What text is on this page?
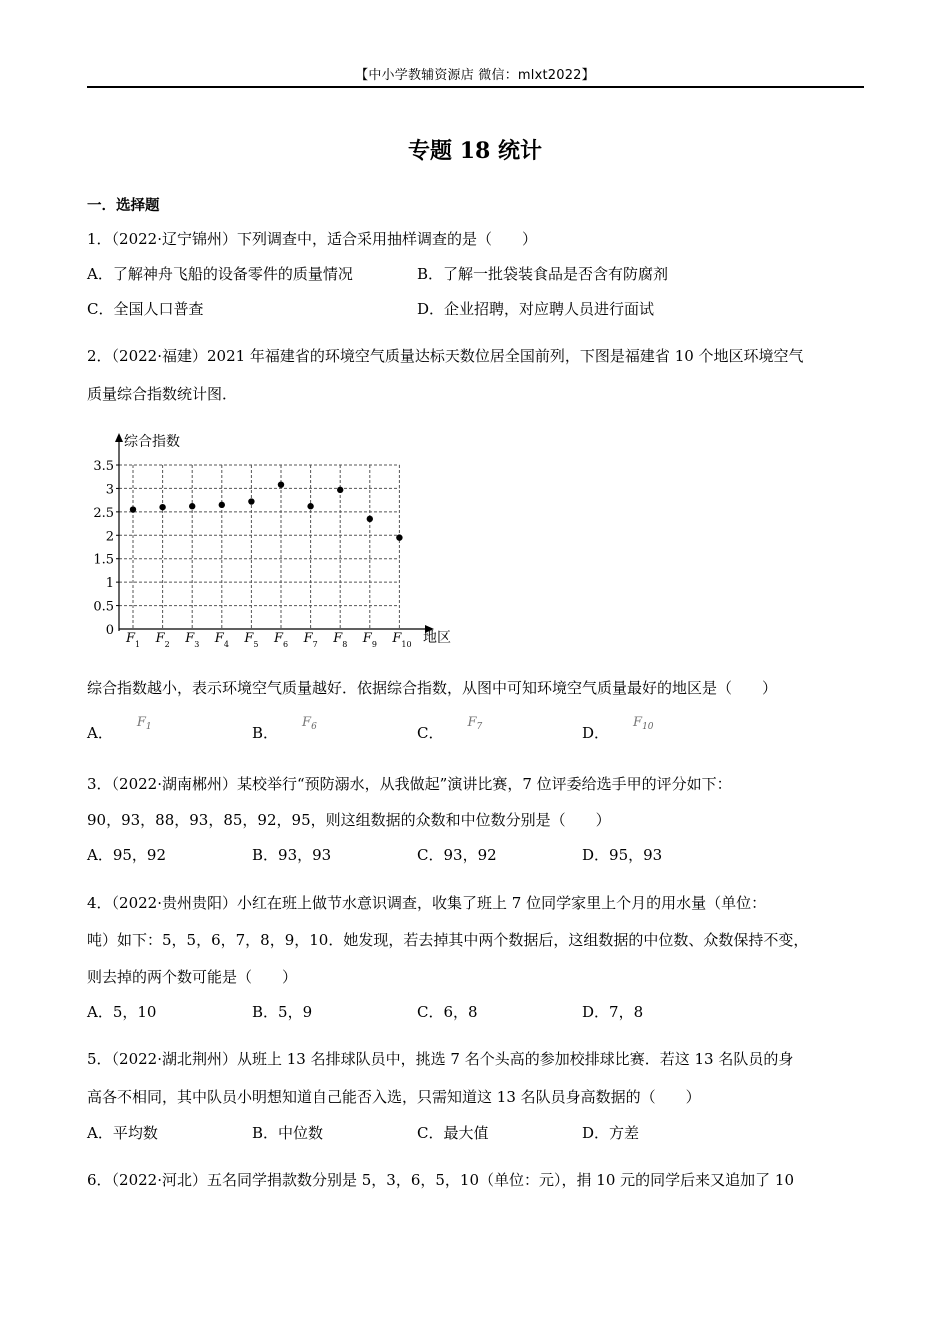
【中小学教辅资源店 微信：mlxt2022】
专题 18 统计
一．选择题
1．（2022·辽宁锦州）下列调查中，适合采用抽样调查的是（　　）
A．了解神舟飞船的设备零件的质量情况	B．了解一批袋装食品是否含有防腐剂
C．全国人口普查	D．企业招聘，对应聘人员进行面试
2．（2022·福建）2021 年福建省的环境空气质量达标天数位居全国前列，下图是福建省 10 个地区环境空气
质量综合指数统计图．
综合指数
地区
0
0.5
1
1.5
2
2.5
3
3.5
$F_1$ $F_2$ $F_3$ $F_4$ $F_5$ $F_6$ $F_7$ $F_8$ $F_9$ $F_{10}$
综合指数越小，表示环境空气质量越好．依据综合指数，从图中可知环境空气质量最好的地区是（　　）
A．$F_1$	B．$F_6$	C．$F_7$	D．$F_{10}$
3．（2022·湖南郴州）某校举行“预防溺水，从我做起”演讲比赛，7 位评委给选手甲的评分如下：
90，93，88，93，85，92，95，则这组数据的众数和中位数分别是（　　）
A．95，92	B．93，93	C．93，92	D．95，93
4．（2022·贵州贵阳）小红在班上做节水意识调查，收集了班上 7 位同学家里上个月的用水量（单位：
吨）如下：5，5，6，7，8，9，10．她发现，若去掉其中两个数据后，这组数据的中位数、众数保持不变，
则去掉的两个数可能是（　　）
A．5，10	B．5，9	C．6，8	D．7，8
5．（2022·湖北荆州）从班上 13 名排球队员中，挑选 7 名个头高的参加校排球比赛．若这 13 名队员的身
高各不相同，其中队员小明想知道自己能否入选，只需知道这 13 名队员身高数据的（　　）
A．平均数	B．中位数	C．最大值	D．方差
6．（2022·河北）五名同学捐款数分别是 5，3，6，5，10（单位：元），捐 10 元的同学后来又追加了 10
